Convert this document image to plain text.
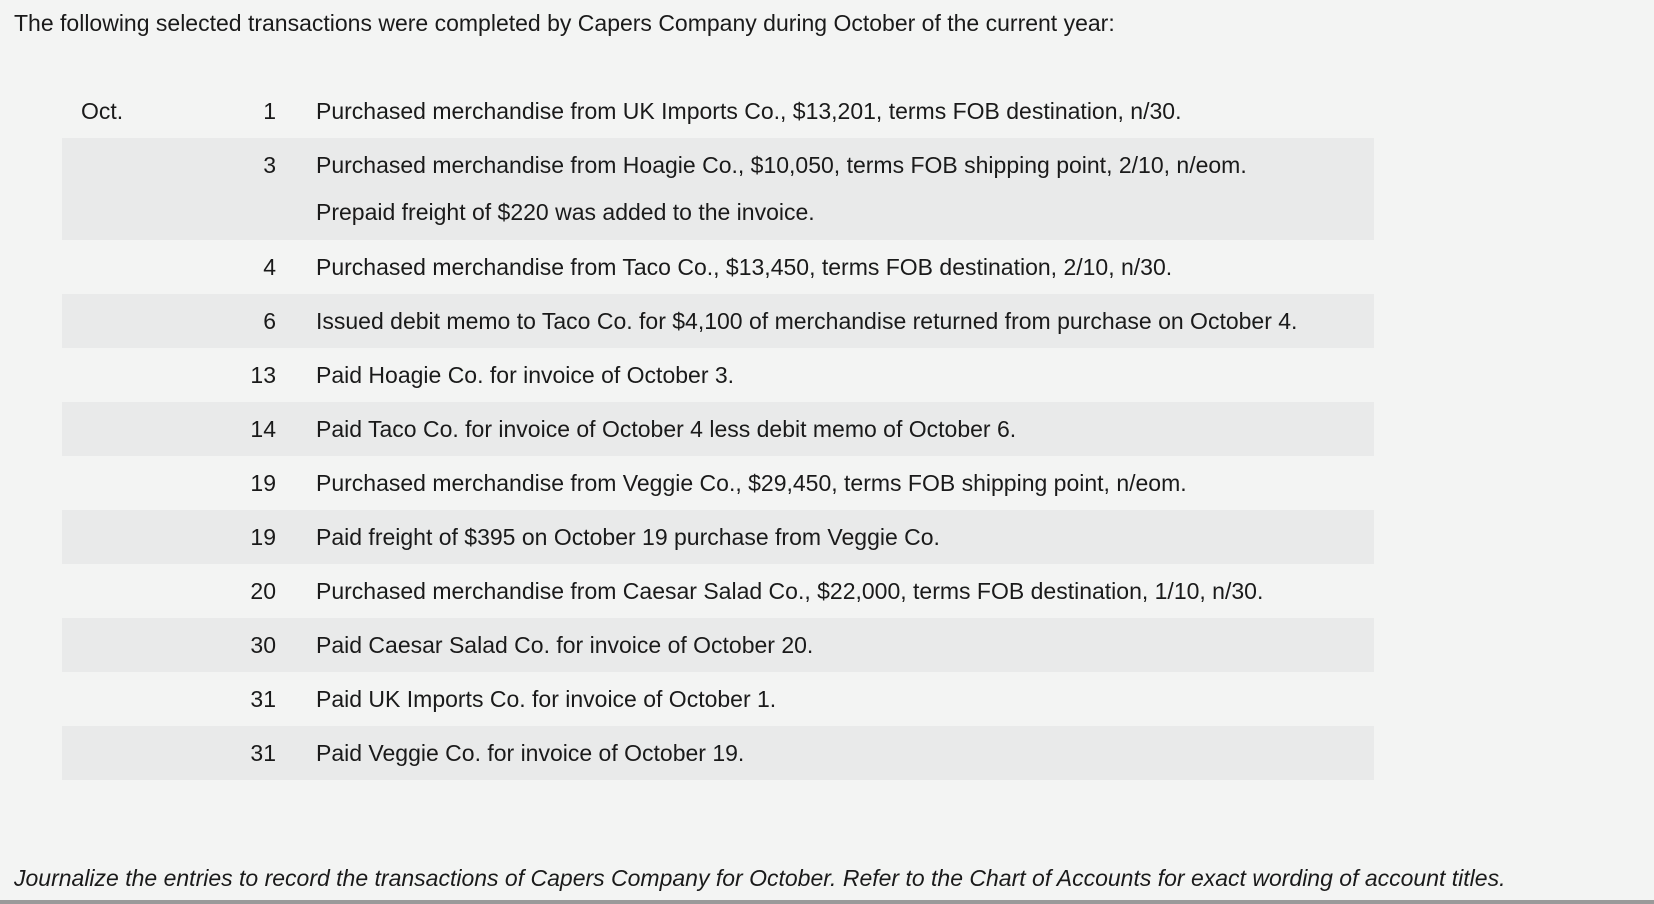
The following selected transactions were completed by Capers Company during October of the current year:
Oct.	1	Purchased merchandise from UK Imports Co., $13,201, terms FOB destination, n/30.
3	Purchased merchandise from Hoagie Co., $10,050, terms FOB shipping point, 2/10, n/eom. Prepaid freight of $220 was added to the invoice.
4	Purchased merchandise from Taco Co., $13,450, terms FOB destination, 2/10, n/30.
6	Issued debit memo to Taco Co. for $4,100 of merchandise returned from purchase on October 4.
13	Paid Hoagie Co. for invoice of October 3.
14	Paid Taco Co. for invoice of October 4 less debit memo of October 6.
19	Purchased merchandise from Veggie Co., $29,450, terms FOB shipping point, n/eom.
19	Paid freight of $395 on October 19 purchase from Veggie Co.
20	Purchased merchandise from Caesar Salad Co., $22,000, terms FOB destination, 1/10, n/30.
30	Paid Caesar Salad Co. for invoice of October 20.
31	Paid UK Imports Co. for invoice of October 1.
31	Paid Veggie Co. for invoice of October 19.
Journalize the entries to record the transactions of Capers Company for October. Refer to the Chart of Accounts for exact wording of account titles.
